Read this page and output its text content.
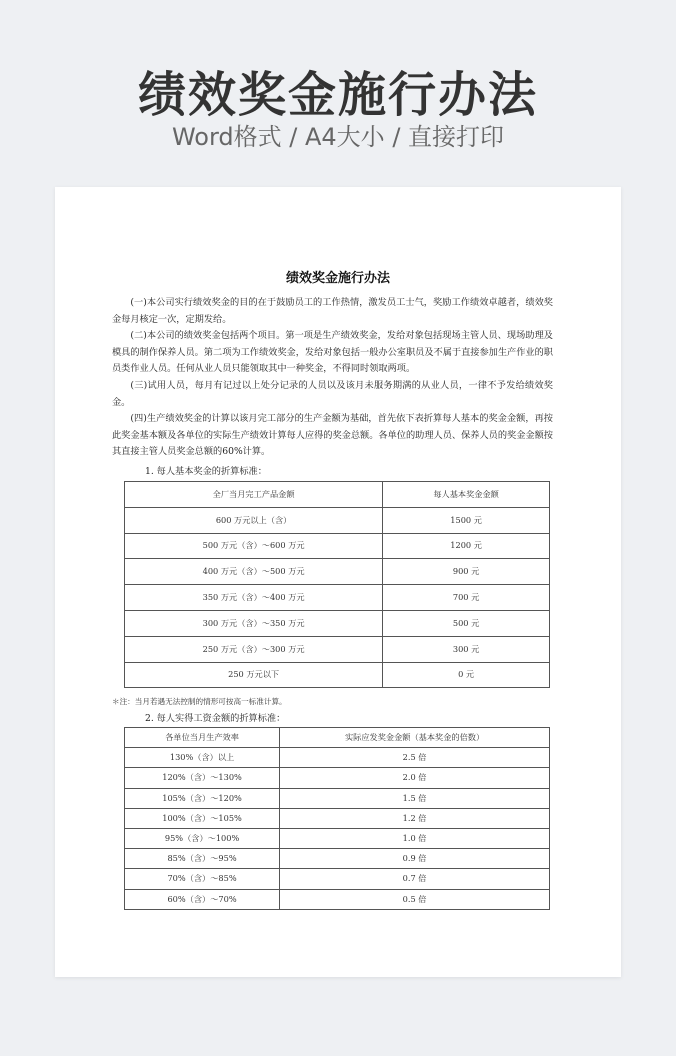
绩效奖金施行办法
Word格式 / A4大小 / 直接打印
绩效奖金施行办法

(一)本公司实行绩效奖金的目的在于鼓励员工的工作热情，激发员工士气，奖励工作绩效卓越者，绩效奖金每月核定一次，定期发给。

(二)本公司的绩效奖金包括两个项目。第一项是生产绩效奖金，发给对象包括现场主管人员、现场助理及模具的制作保养人员。第二项为工作绩效奖金，发给对象包括一般办公室职员及不属于直接参加生产作业的职员类作业人员。任何从业人员只能领取其中一种奖金，不得同时领取两项。

(三)试用人员，每月有记过以上处分记录的人员以及该月未服务期满的从业人员，一律不予发给绩效奖金。

(四)生产绩效奖金的计算以该月完工部分的生产金额为基础，首先依下表折算每人基本的奖金金额，再按此奖金基本额及各单位的实际生产绩效计算每人应得的奖金总额。各单位的助理人员、保养人员的奖金金额按其直接主管人员奖金总额的60%计算。

1. 每人基本奖金的折算标准：
全厂当月完工产品金额	每人基本奖金金额
600 万元以上（含）	1500 元
500 万元（含）～600 万元	1200 元
400 万元（含）～500 万元	900 元
350 万元（含）～400 万元	700 元
300 万元（含）～350 万元	500 元
250 万元（含）～300 万元	300 元
250 万元以下	0 元
＊注：当月若遇无法控制的情形可按高一标准计算。
2. 每人实得工资金额的折算标准：
各单位当月生产效率	实际应发奖金金额（基本奖金的倍数）
130%（含）以上	2.5 倍
120%（含）～130%	2.0 倍
105%（含）～120%	1.5 倍
100%（含）～105%	1.2 倍
95%（含）～100%	1.0 倍
85%（含）～95%	0.9 倍
70%（含）～85%	0.7 倍
60%（含）～70%	0.5 倍
